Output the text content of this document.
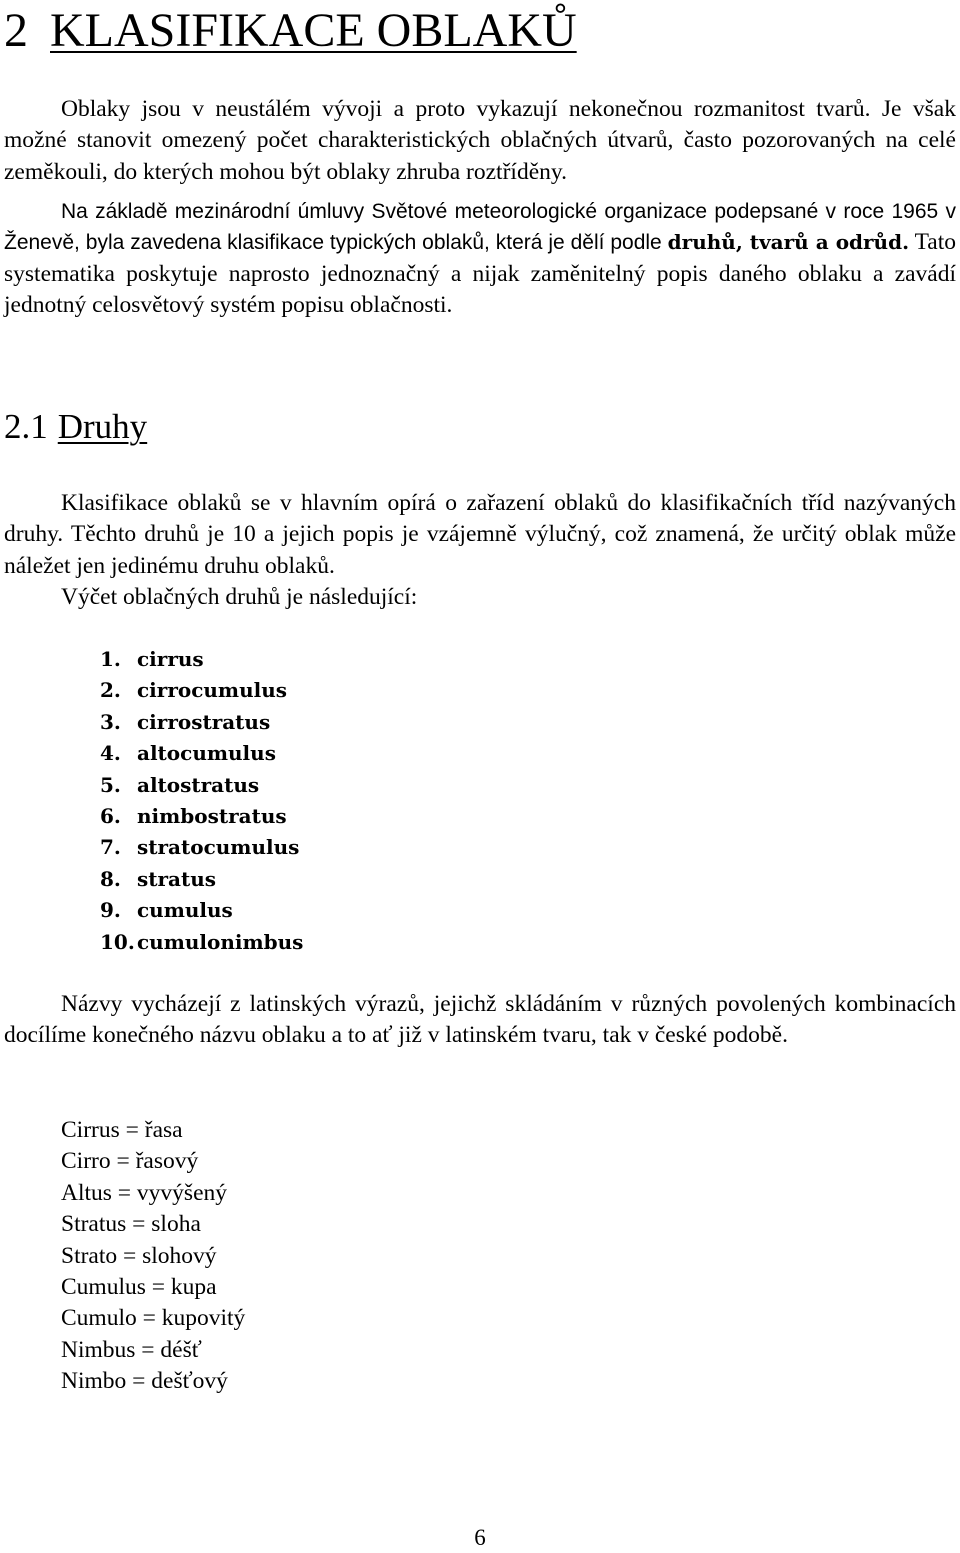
2 KLASIFIKACE OBLAKŮ

Oblaky jsou v neustálém vývoji a proto vykazují nekonečnou rozmanitost tvarů. Je však možné stanovit omezený počet charakteristických oblačných útvarů, často pozorovaných na celé zeměkouli, do kterých mohou být oblaky zhruba roztříděny.

Na základě mezinárodní úmluvy Světové meteorologické organizace podepsané v roce 1965 v Ženevě, byla zavedena klasifikace typických oblaků, která je dělí podle druhů, tvarů a odrůd. Tato systematika poskytuje naprosto jednoznačný a nijak zaměnitelný popis daného oblaku a zavádí jednotný celosvětový systém popisu oblačnosti.

2.1 Druhy

Klasifikace oblaků se v hlavním opírá o zařazení oblaků do klasifikačních tříd nazývaných druhy. Těchto druhů je 10 a jejich popis je vzájemně výlučný, což znamená, že určitý oblak může náležet jen jedinému druhu oblaků.

Výčet oblačných druhů je následující:

1. cirrus
2. cirrocumulus
3. cirrostratus
4. altocumulus
5. altostratus
6. nimbostratus
7. stratocumulus
8. stratus
9. cumulus
10. cumulonimbus

Názvy vycházejí z latinských výrazů, jejichž skládáním v různých povolených kombinacích docílíme konečného názvu oblaku a to ať již v latinském tvaru, tak v české podobě.

Cirrus = řasa
Cirro = řasový
Altus = vyvýšený
Stratus = sloha
Strato = slohový
Cumulus = kupa
Cumulo = kupovitý
Nimbus = déšť
Nimbo = dešťový
6
